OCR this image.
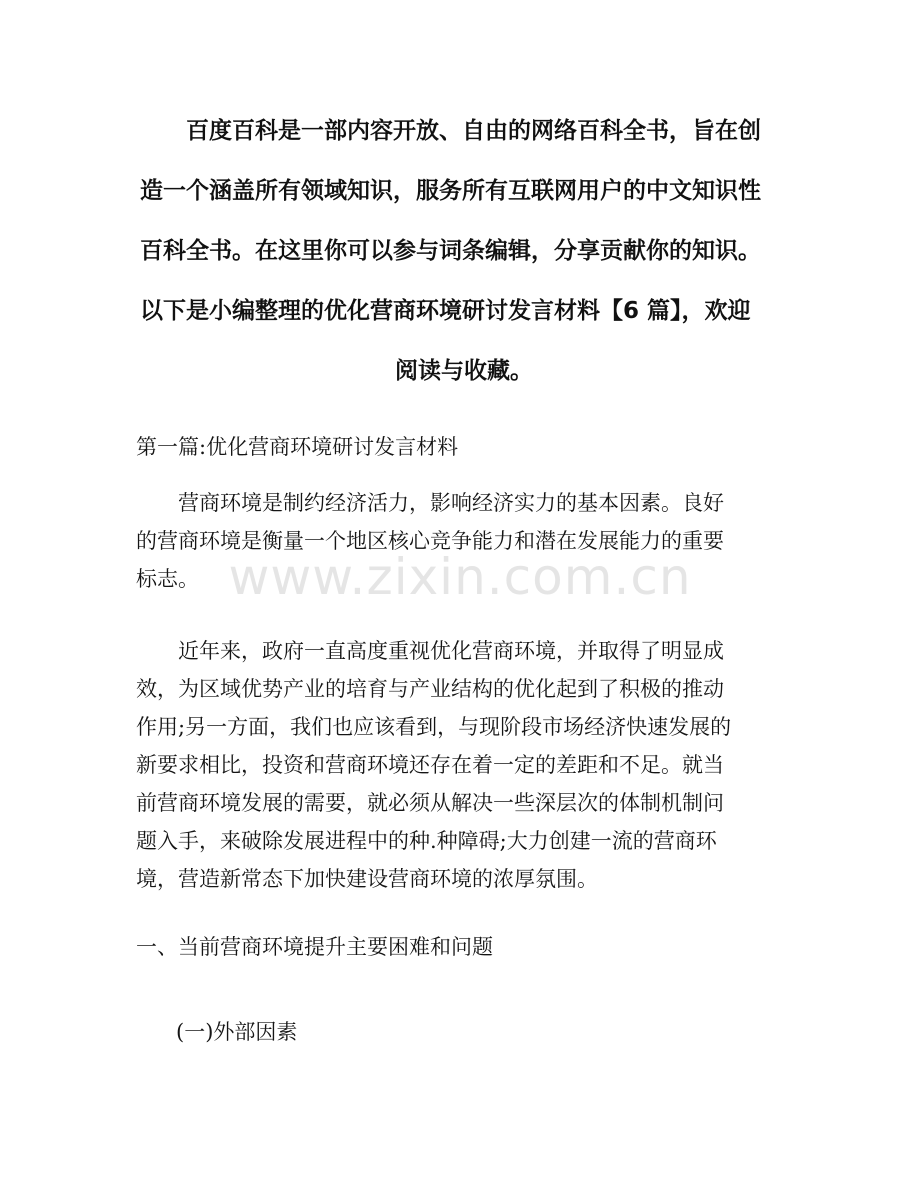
　　百度百科是一部内容开放、自由的网络百科全书，旨在创
造一个涵盖所有领域知识，服务所有互联网用户的中文知识性
百科全书。在这里你可以参与词条编辑，分享贡献你的知识。
以下是小编整理的优化营商环境研讨发言材料【6 篇】，欢迎
阅读与收藏。
第一篇:优化营商环境研讨发言材料
　　营商环境是制约经济活力，影响经济实力的基本因素。良好
的营商环境是衡量一个地区核心竞争能力和潜在发展能力的重要
标志。
　　近年来，政府一直高度重视优化营商环境，并取得了明显成
效，为区域优势产业的培育与产业结构的优化起到了积极的推动
作用;另一方面，我们也应该看到，与现阶段市场经济快速发展的
新要求相比，投资和营商环境还存在着一定的差距和不足。就当
前营商环境发展的需要，就必须从解决一些深层次的体制机制问
题入手，来破除发展进程中的种.种障碍;大力创建一流的营商环
境，营造新常态下加快建设营商环境的浓厚氛围。
一、当前营商环境提升主要困难和问题
(一)外部因素
www.zixin.com.cn
